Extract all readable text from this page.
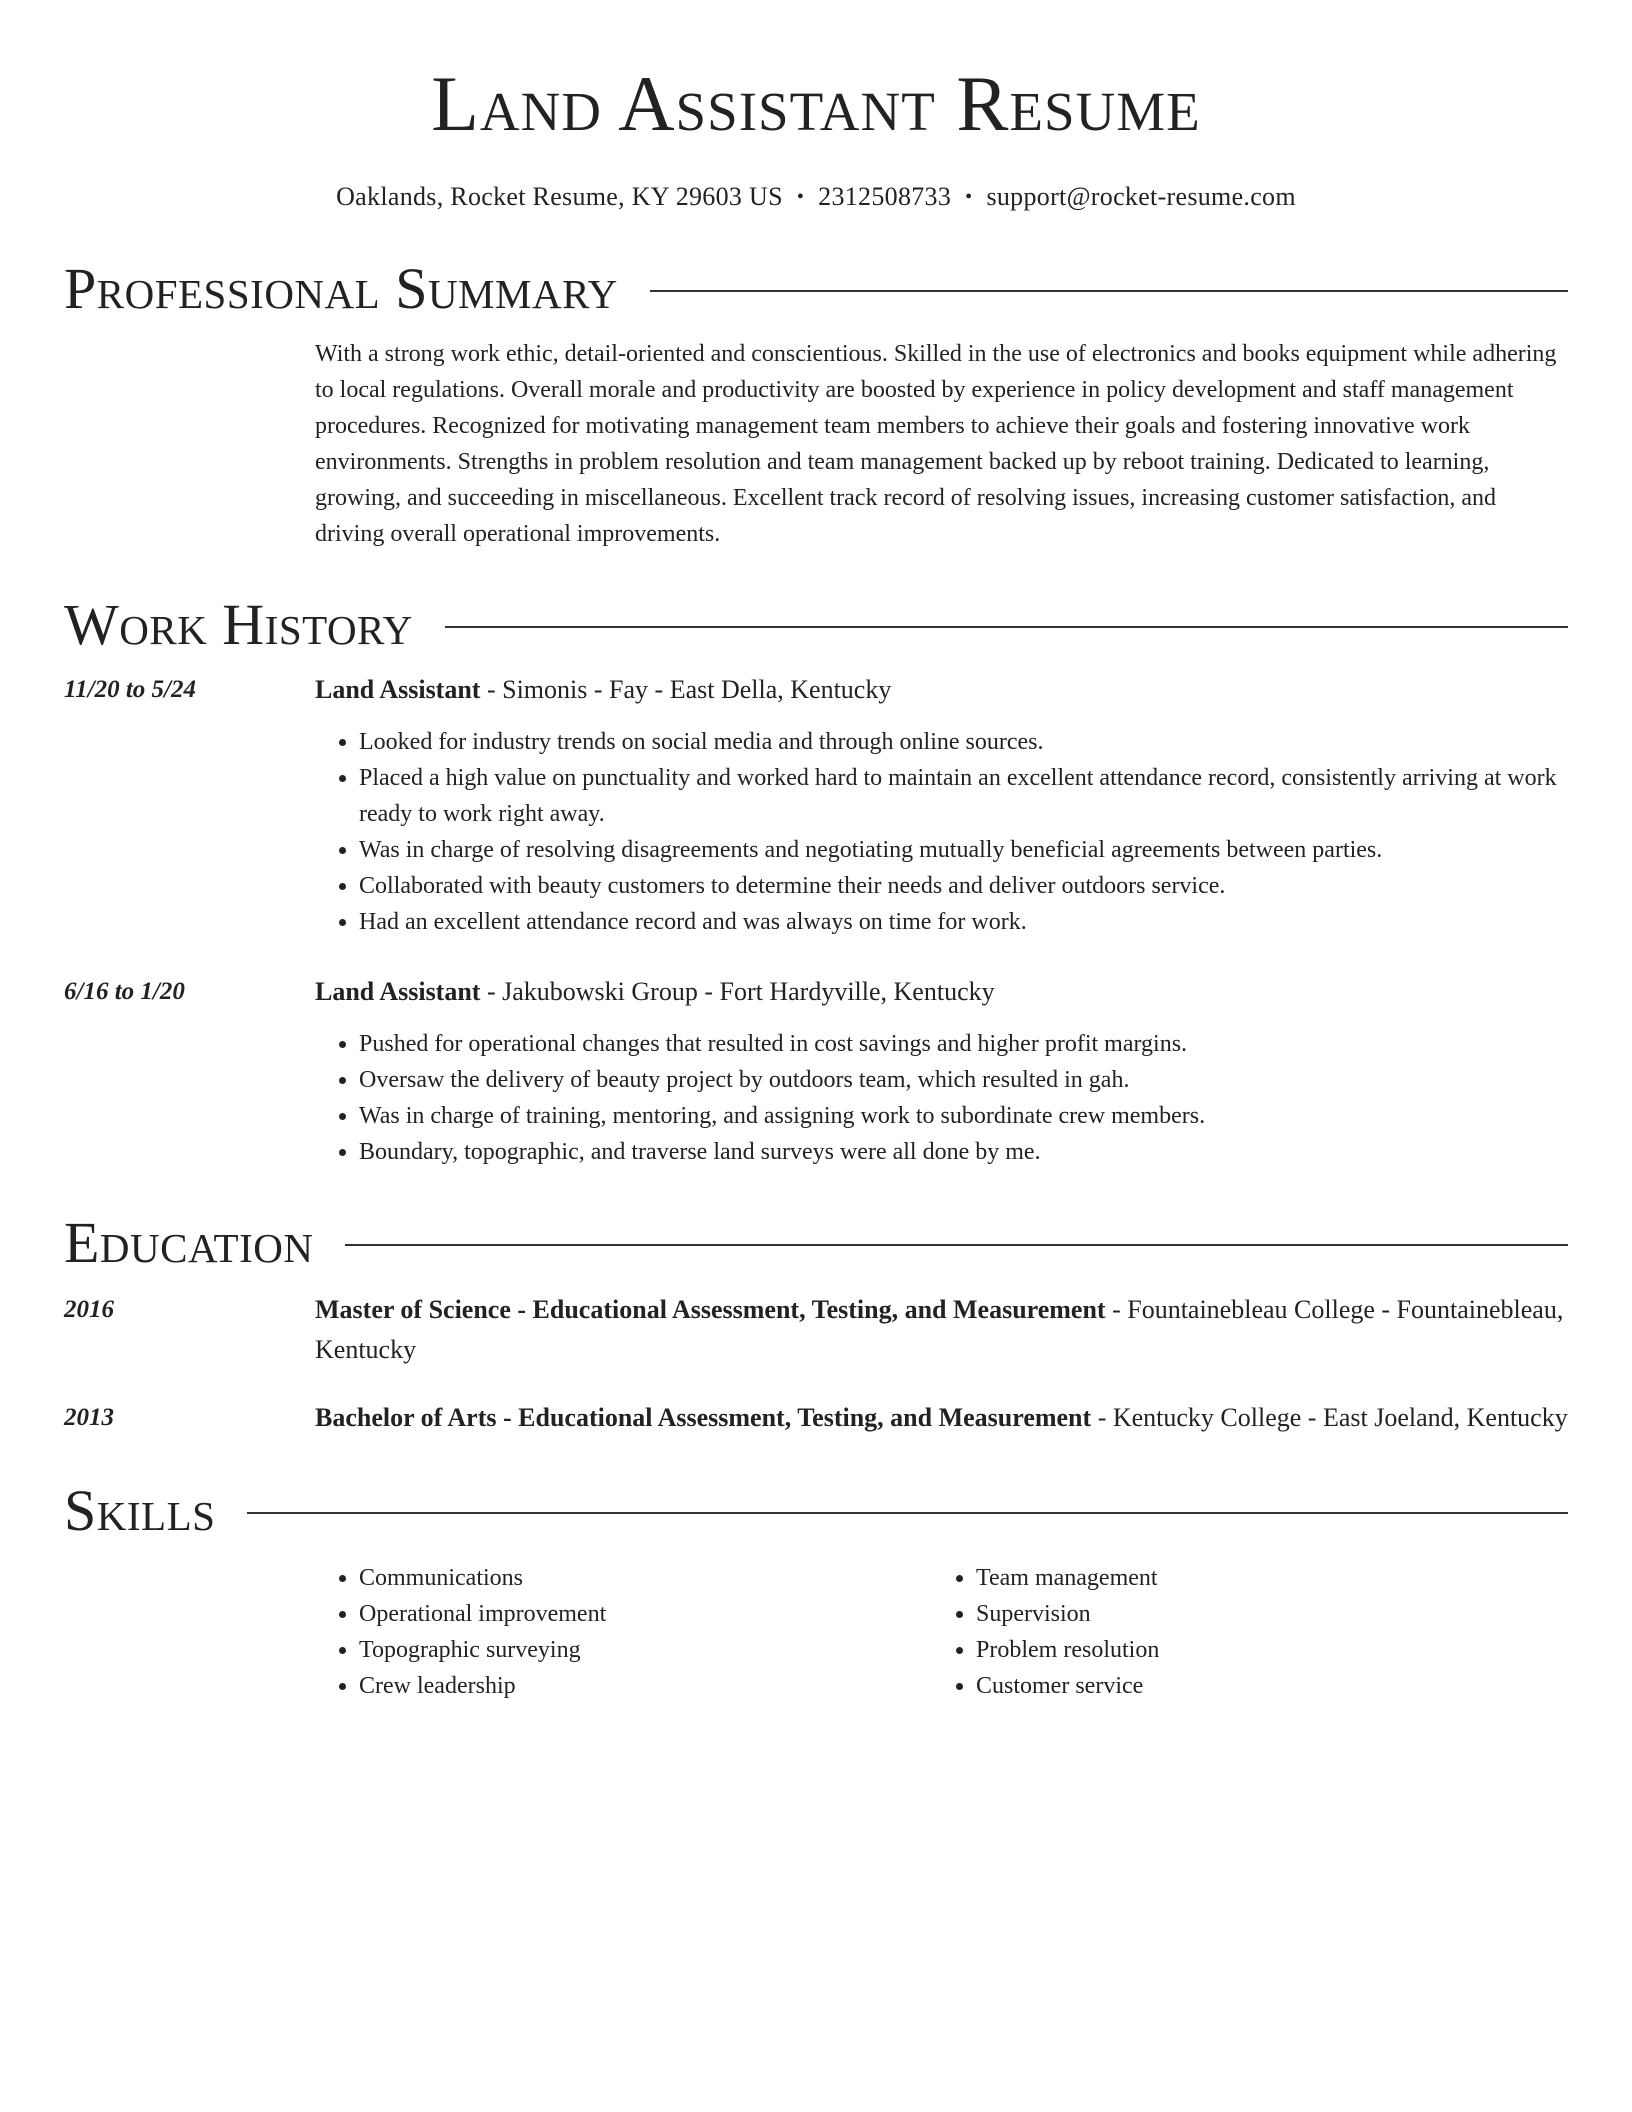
Land Assistant Resume
Oaklands, Rocket Resume, KY 29603 US • 2312508733 • support@rocket-resume.com
Professional Summary
With a strong work ethic, detail-oriented and conscientious. Skilled in the use of electronics and books equipment while adhering to local regulations. Overall morale and productivity are boosted by experience in policy development and staff management procedures. Recognized for motivating management team members to achieve their goals and fostering innovative work environments. Strengths in problem resolution and team management backed up by reboot training. Dedicated to learning, growing, and succeeding in miscellaneous. Excellent track record of resolving issues, increasing customer satisfaction, and driving overall operational improvements.
Work History
11/20 to 5/24	Land Assistant - Simonis - Fay - East Della, Kentucky
• Looked for industry trends on social media and through online sources.
• Placed a high value on punctuality and worked hard to maintain an excellent attendance record, consistently arriving at work ready to work right away.
• Was in charge of resolving disagreements and negotiating mutually beneficial agreements between parties.
• Collaborated with beauty customers to determine their needs and deliver outdoors service.
• Had an excellent attendance record and was always on time for work.
6/16 to 1/20	Land Assistant - Jakubowski Group - Fort Hardyville, Kentucky
• Pushed for operational changes that resulted in cost savings and higher profit margins.
• Oversaw the delivery of beauty project by outdoors team, which resulted in gah.
• Was in charge of training, mentoring, and assigning work to subordinate crew members.
• Boundary, topographic, and traverse land surveys were all done by me.
Education
2016	Master of Science - Educational Assessment, Testing, and Measurement - Fountainebleau College - Fountainebleau, Kentucky
2013	Bachelor of Arts - Educational Assessment, Testing, and Measurement - Kentucky College - East Joeland, Kentucky
Skills
• Communications
• Operational improvement
• Topographic surveying
• Crew leadership
• Team management
• Supervision
• Problem resolution
• Customer service
